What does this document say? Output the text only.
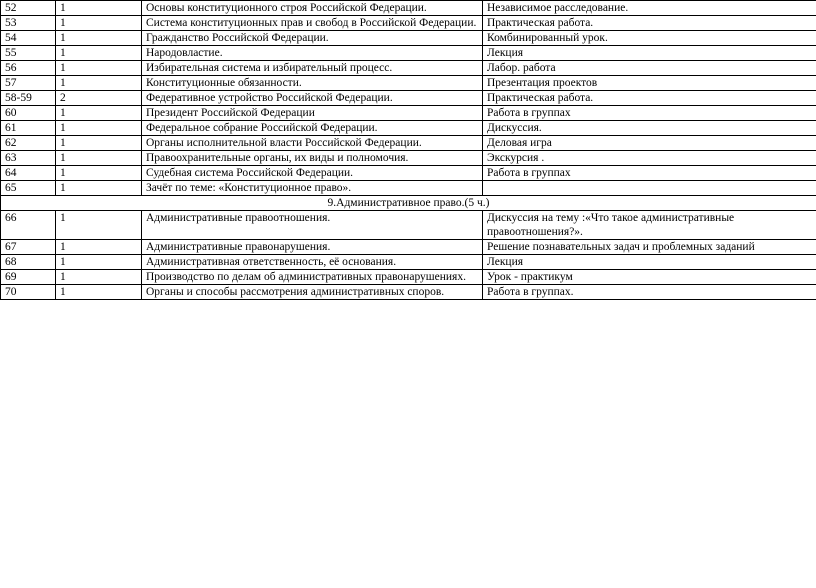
52	1	Основы конституционного строя Российской Федерации.	Независимое расследование.
53	1	Система конституционных прав и свобод в Российской Федерации.	Практическая работа.
54	1	Гражданство Российской Федерации.	Комбинированный урок.
55	1	Народовластие.	Лекция
56	1	Избирательная система и избирательный процесс.	Лабор. работа
57	1	Конституционные обязанности.	Презентация проектов
58-59	2	Федеративное устройство Российской Федерации.	Практическая работа.
60	1	Президент Российской Федерации	Работа в группах
61	1	Федеральное собрание Российской Федерации.	Дискуссия.
62	1	Органы исполнительной власти Российской Федерации.	Деловая игра
63	1	Правоохранительные органы, их виды и полномочия.	Экскурсия .
64	1	Судебная система Российской Федерации.	Работа в группах
65	1	Зачёт по теме: «Конституционное право».	
9.Административное право.(5 ч.)			
66	1	Административные правоотношения.	Дискуссия на тему :«Что такое административные правоотношения?».
67	1	Административные правонарушения.	Решение познавательных задач и проблемных заданий
68	1	Административная ответственность, её основания.	Лекция
69	1	Производство по делам об административных правонарушениях.	Урок - практикум
70	1	Органы и способы рассмотрения административных споров.	Работа в группах.
